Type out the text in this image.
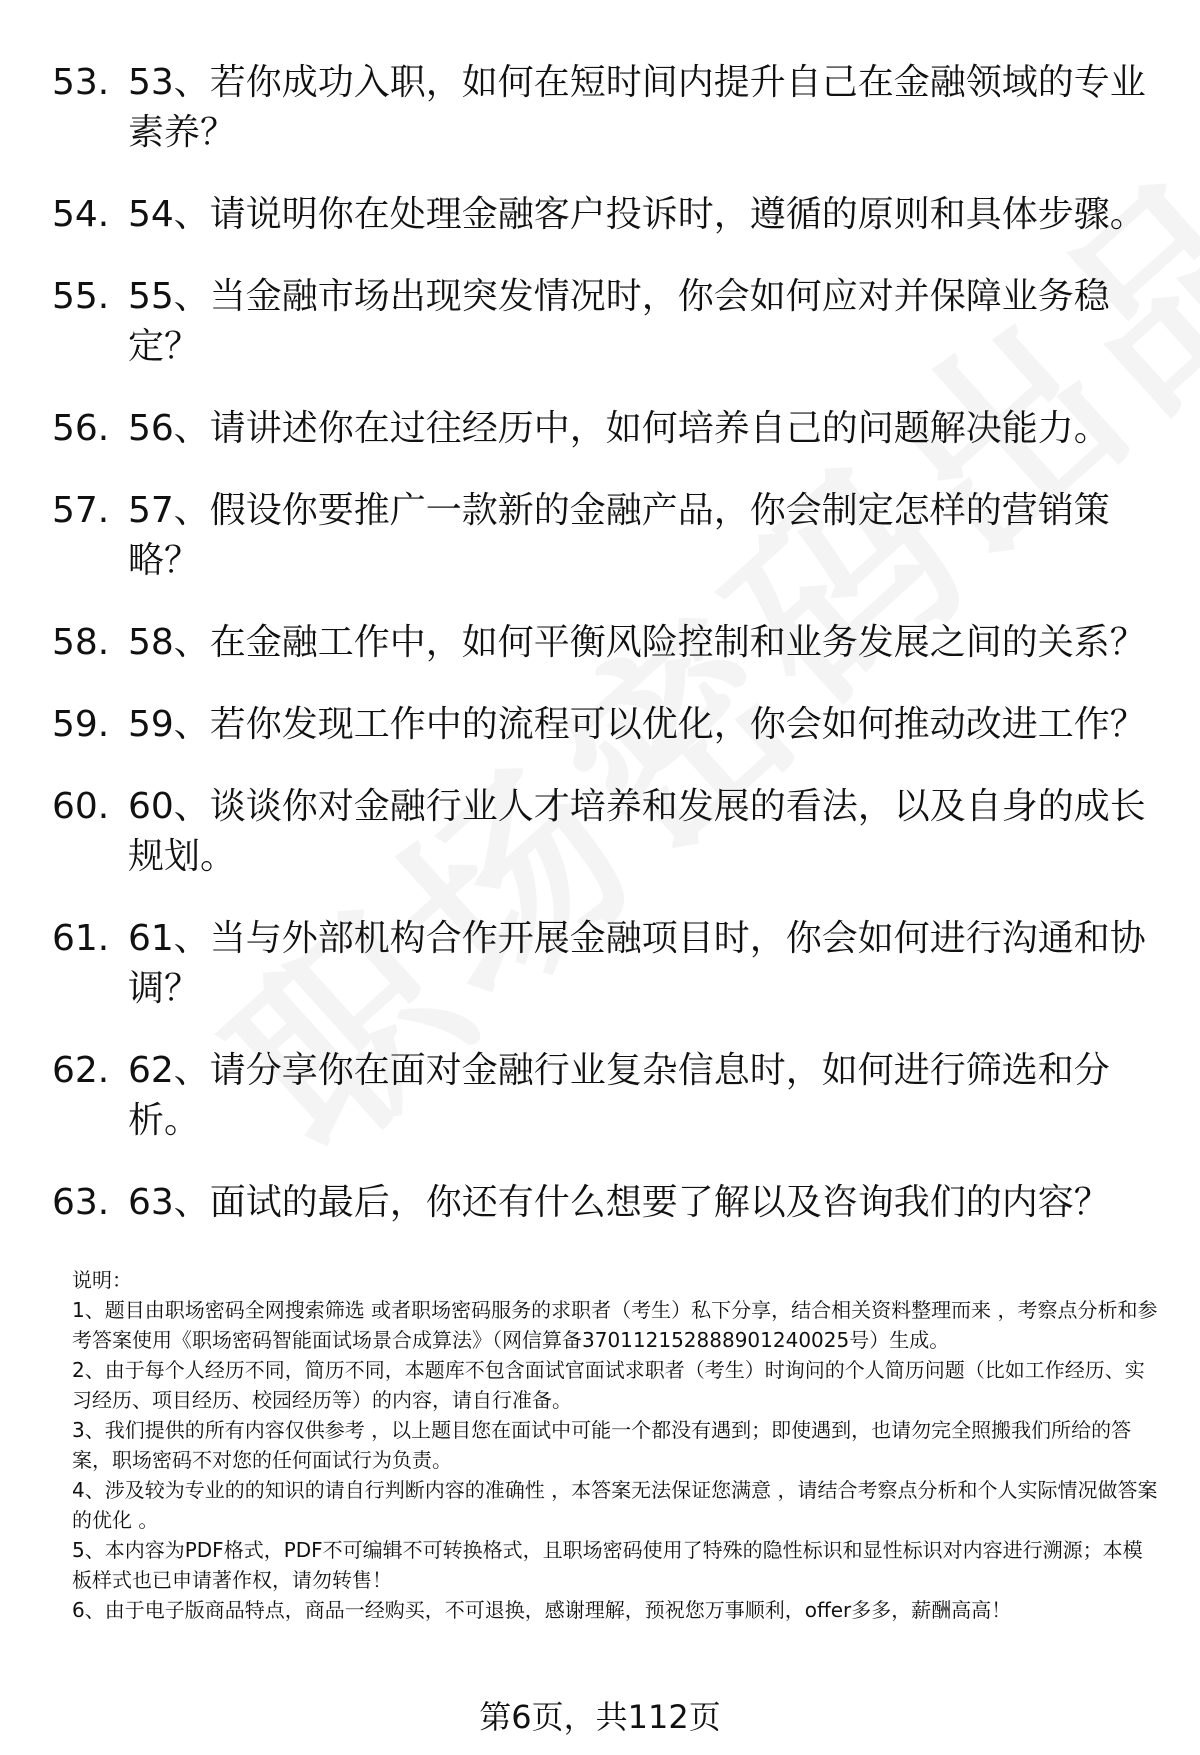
53. 53、若你成功入职，如何在短时间内提升自己在金融领域的专业素养？
54. 54、请说明你在处理金融客户投诉时，遵循的原则和具体步骤。
55. 55、当金融市场出现突发情况时，你会如何应对并保障业务稳定？
56. 56、请讲述你在过往经历中，如何培养自己的问题解决能力。
57. 57、假设你要推广一款新的金融产品，你会制定怎样的营销策略？
58. 58、在金融工作中，如何平衡风险控制和业务发展之间的关系？
59. 59、若你发现工作中的流程可以优化，你会如何推动改进工作？
60. 60、谈谈你对金融行业人才培养和发展的看法，以及自身的成长规划。
61. 61、当与外部机构合作开展金融项目时，你会如何进行沟通和协调？
62. 62、请分享你在面对金融行业复杂信息时，如何进行筛选和分析。
63. 63、面试的最后，你还有什么想要了解以及咨询我们的内容？

说明：

1、题目由职场密码全网搜索筛选 或者职场密码服务的求职者（考生）私下分享，结合相关资料整理而来 ，考察点分析和参考答案使用《职场密码智能面试场景合成算法》（网信算备370112152888901240025号）生成。

2、由于每个人经历不同，简历不同，本题库不包含面试官面试求职者（考生）时询问的个人简历问题（比如工作经历、实习经历、项目经历、校园经历等）的内容，请自行准备。

3、我们提供的所有内容仅供参考 ，以上题目您在面试中可能一个都没有遇到；即使遇到，也请勿完全照搬我们所给的答案，职场密码不对您的任何面试行为负责。

4、涉及较为专业的的知识的请自行判断内容的准确性 ，本答案无法保证您满意 ，请结合考察点分析和个人实际情况做答案的优化 。

5、本内容为PDF格式，PDF不可编辑不可转换格式，且职场密码使用了特殊的隐性标识和显性标识对内容进行溯源；本模板样式也已申请著作权，请勿转售！

6、由于电子版商品特点，商品一经购买，不可退换，感谢理解，预祝您万事顺利，offer多多，薪酬高高！

第6页，共112页
